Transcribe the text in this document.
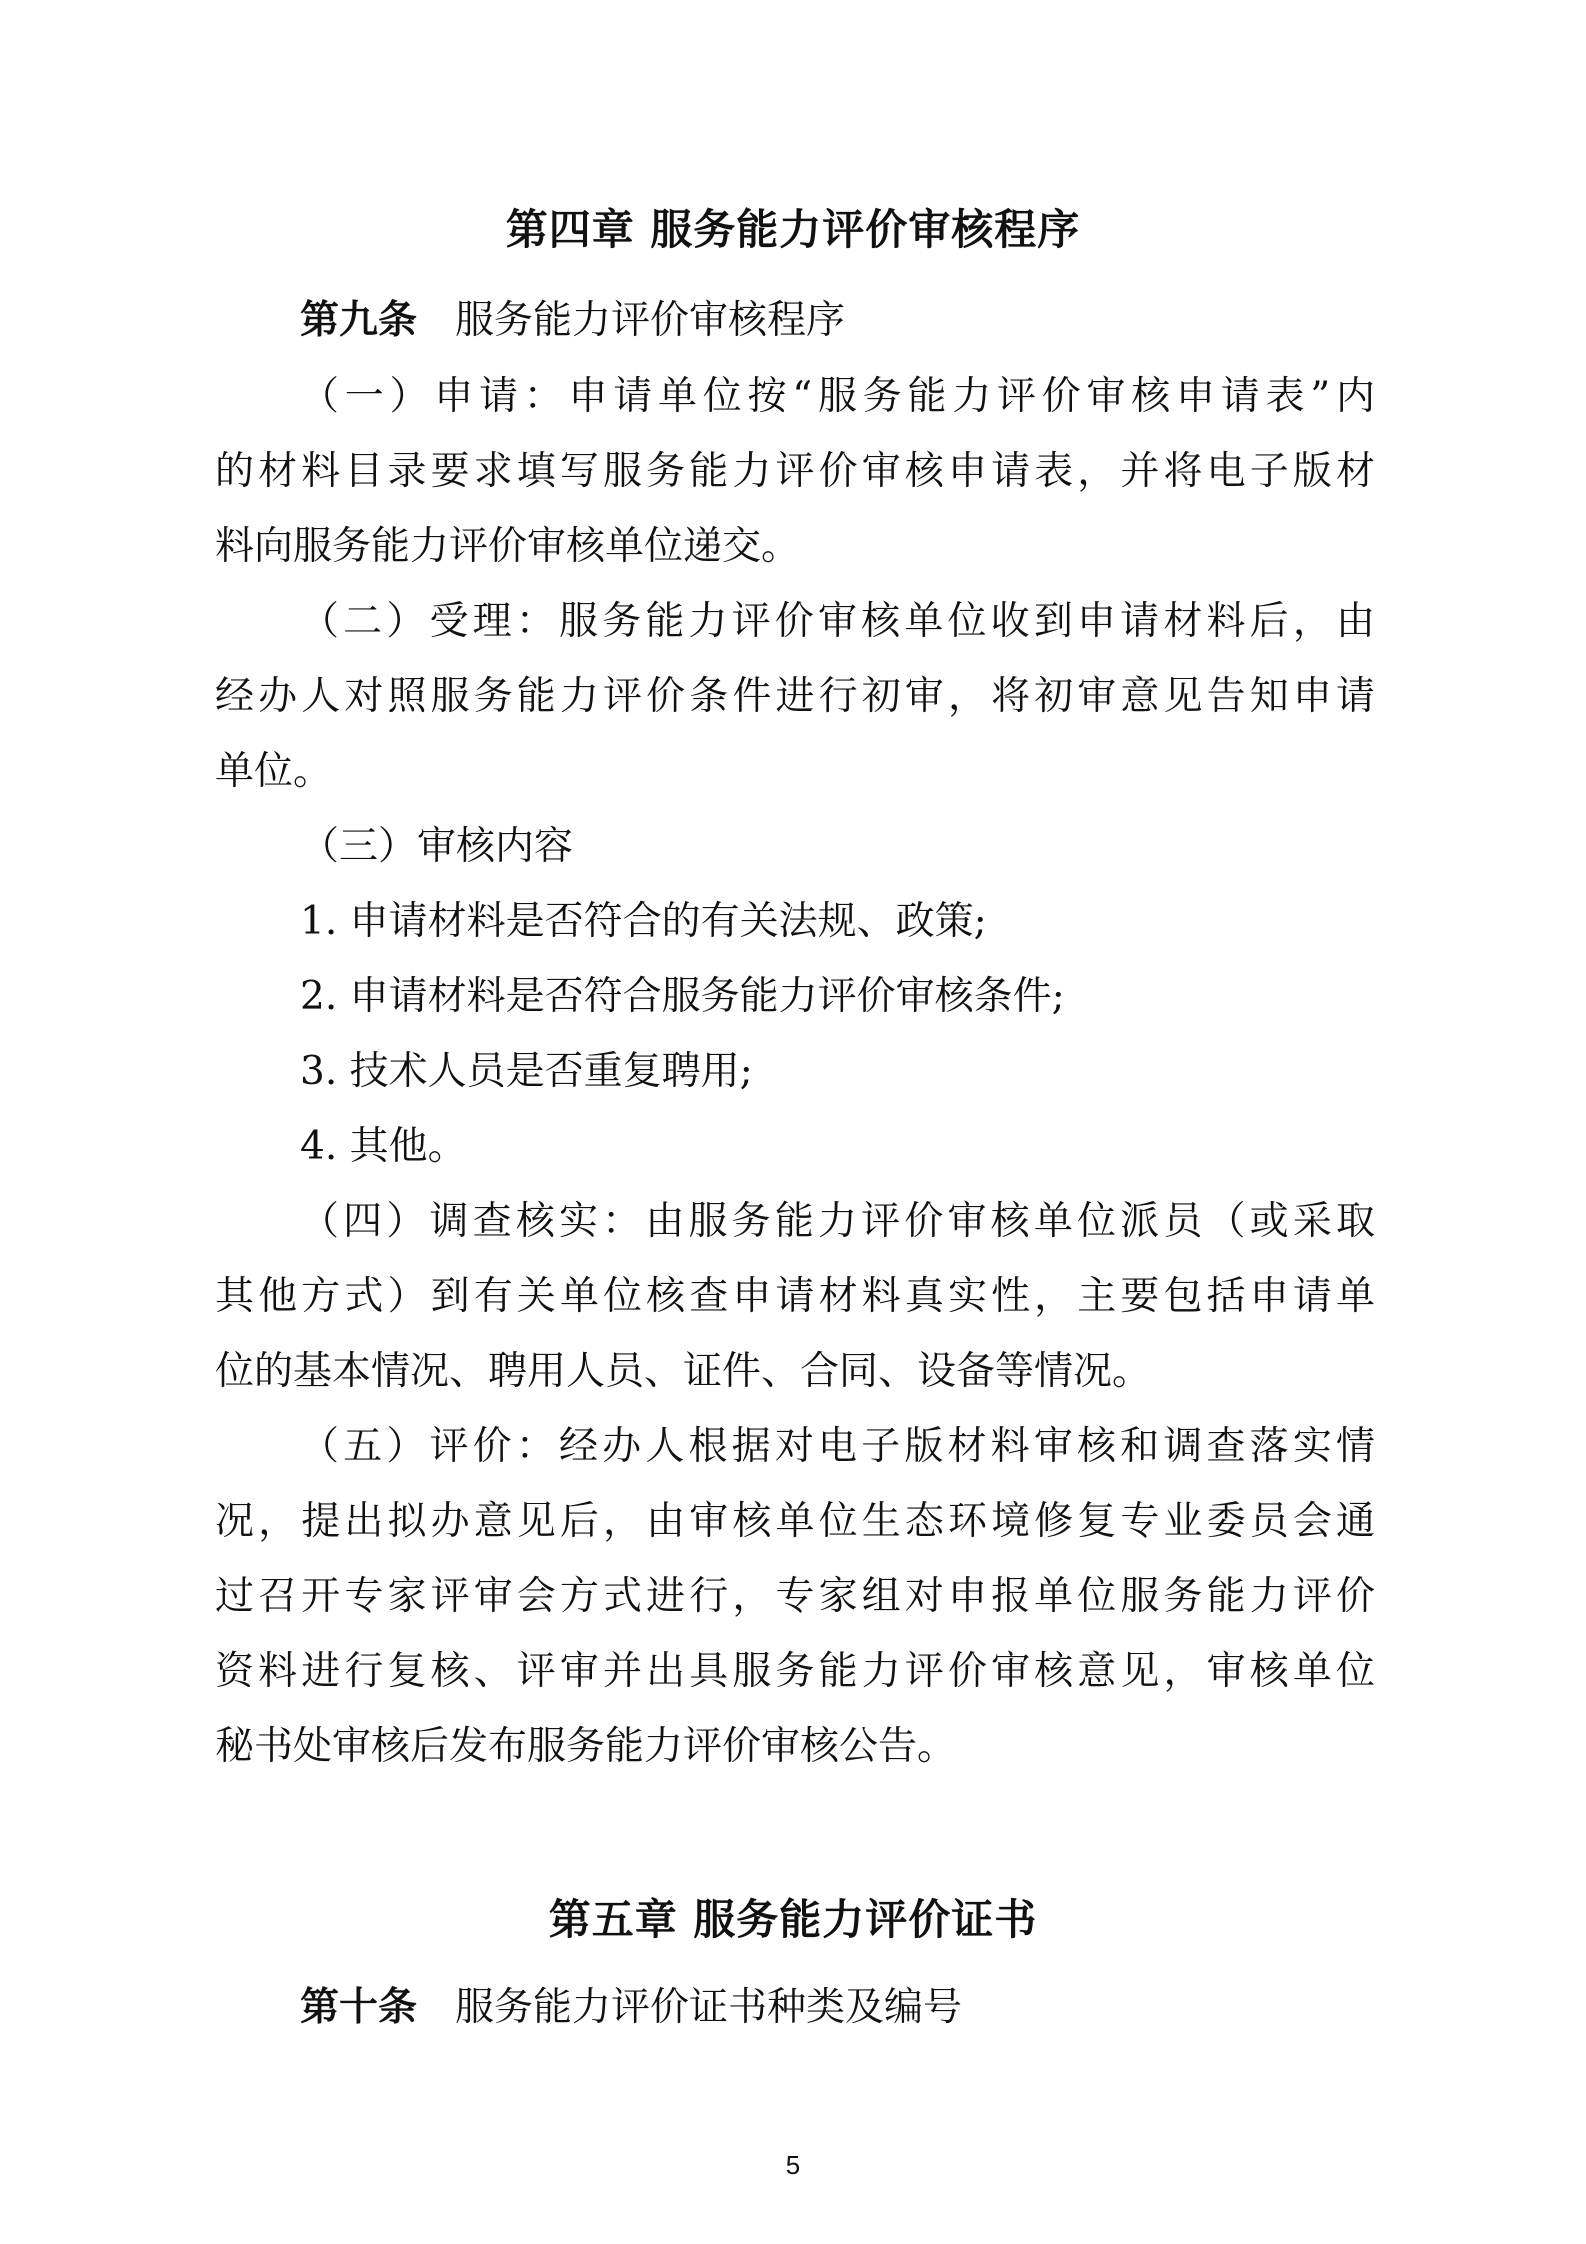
第四章 服务能力评价审核程序

第九条 服务能力评价审核程序

（一）申请：申请单位按“服务能力评价审核申请表”内

的材料目录要求填写服务能力评价审核申请表，并将电子版材

料向服务能力评价审核单位递交。

（二）受理：服务能力评价审核单位收到申请材料后，由

经办人对照服务能力评价条件进行初审，将初审意见告知申请

单位。

（三）审核内容

1. 申请材料是否符合的有关法规、政策;

2. 申请材料是否符合服务能力评价审核条件;

3. 技术人员是否重复聘用;

4. 其他。

（四）调查核实：由服务能力评价审核单位派员（或采取

其他方式）到有关单位核查申请材料真实性，主要包括申请单

位的基本情况、聘用人员、证件、合同、设备等情况。

（五）评价：经办人根据对电子版材料审核和调查落实情

况，提出拟办意见后，由审核单位生态环境修复专业委员会通

过召开专家评审会方式进行，专家组对申报单位服务能力评价

资料进行复核、评审并出具服务能力评价审核意见，审核单位

秘书处审核后发布服务能力评价审核公告。

第五章 服务能力评价证书

第十条 服务能力评价证书种类及编号

5
